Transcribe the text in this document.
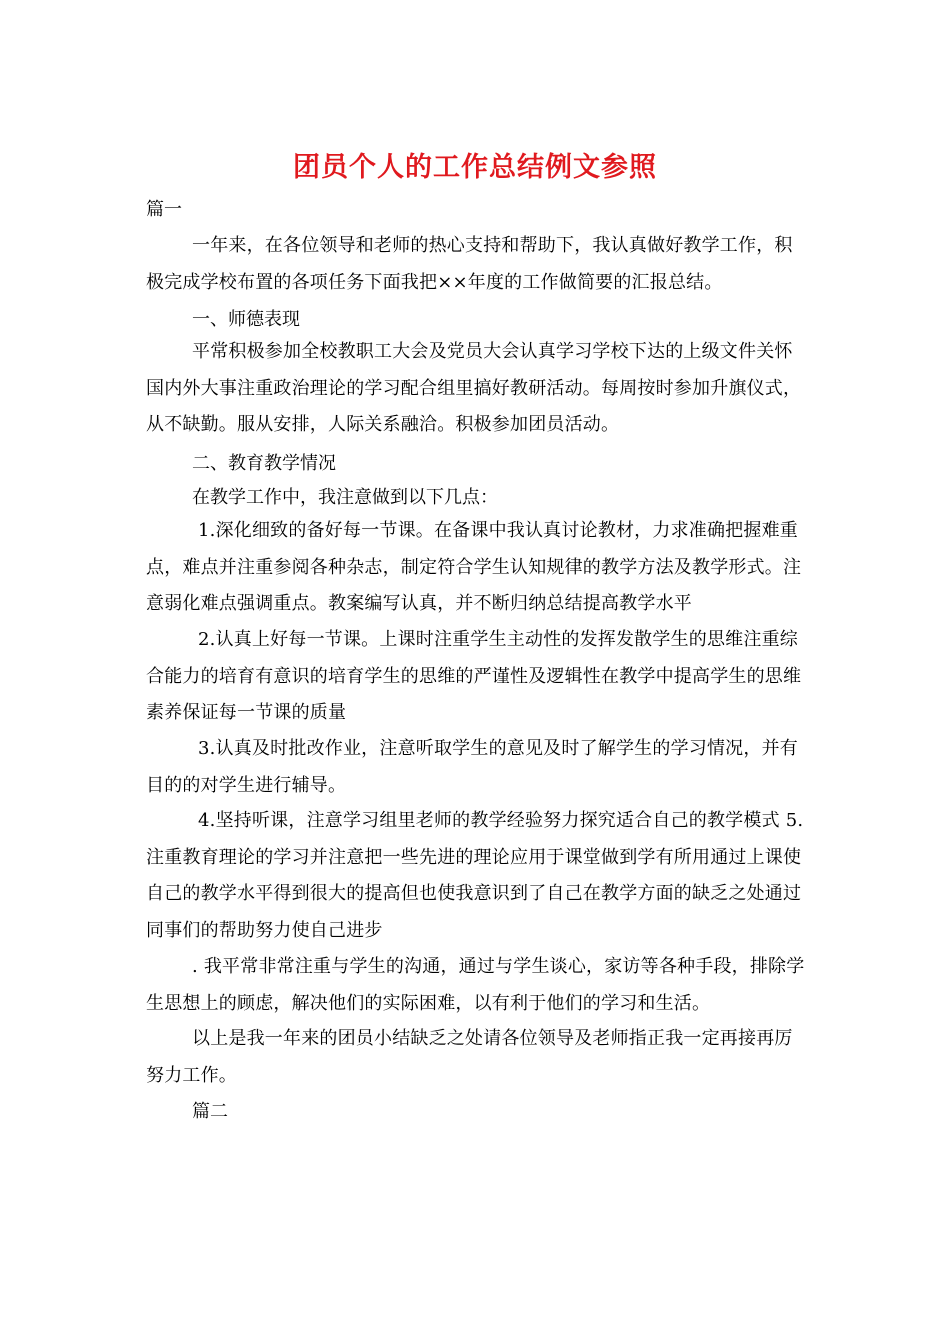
团员个人的工作总结例文参照
篇一
一年来，在各位领导和老师的热心支持和帮助下，我认真做好教学工作，积极完成学校布置的各项任务下面我把××年度的工作做简要的汇报总结。
一、师德表现
平常积极参加全校教职工大会及党员大会认真学习学校下达的上级文件关怀国内外大事注重政治理论的学习配合组里搞好教研活动。每周按时参加升旗仪式，从不缺勤。服从安排，人际关系融洽。积极参加团员活动。
二、教育教学情况
在教学工作中，我注意做到以下几点：
1.深化细致的备好每一节课。在备课中我认真讨论教材，力求准确把握难重点，难点并注重参阅各种杂志，制定符合学生认知规律的教学方法及教学形式。注意弱化难点强调重点。教案编写认真，并不断归纳总结提高教学水平
2.认真上好每一节课。上课时注重学生主动性的发挥发散学生的思维注重综合能力的培育有意识的培育学生的思维的严谨性及逻辑性在教学中提高学生的思维素养保证每一节课的质量
3.认真及时批改作业，注意听取学生的意见及时了解学生的学习情况，并有目的的对学生进行辅导。
4.坚持听课，注意学习组里老师的教学经验努力探究适合自己的教学模式 5.注重教育理论的学习并注意把一些先进的理论应用于课堂做到学有所用通过上课使自己的教学水平得到很大的提高但也使我意识到了自己在教学方面的缺乏之处通过同事们的帮助努力使自己进步
. 我平常非常注重与学生的沟通，通过与学生谈心，家访等各种手段，排除学生思想上的顾虑，解决他们的实际困难，以有利于他们的学习和生活。
以上是我一年来的团员小结缺乏之处请各位领导及老师指正我一定再接再厉努力工作。
篇二
